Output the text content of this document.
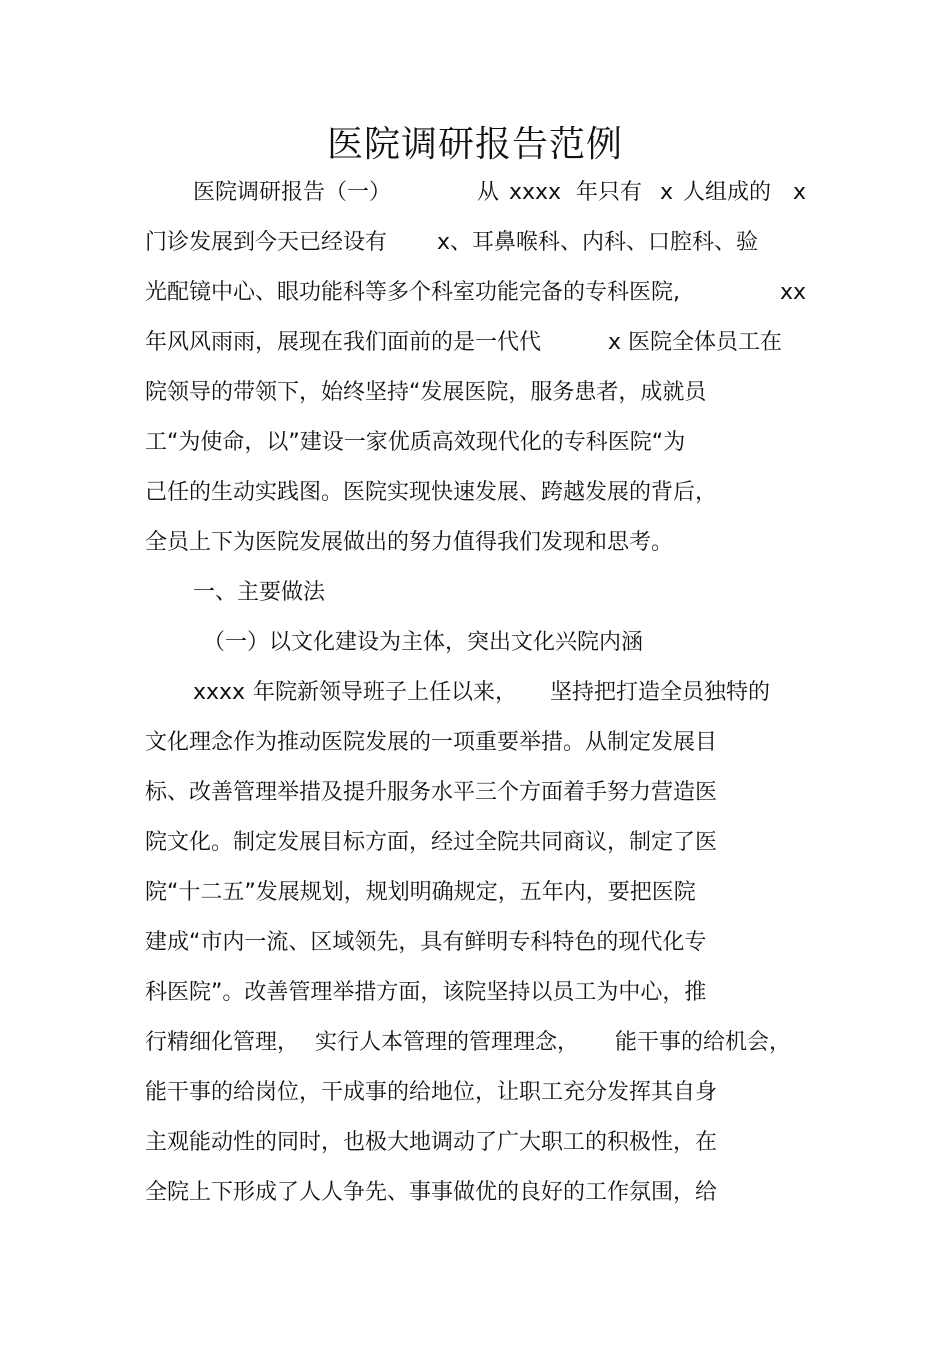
医院调研报告范例
医院调研报告（一）	从 xxxx 年只有 x 人组成的 x
门诊发展到今天已经设有 x、耳鼻喉科、内科、口腔科、验
光配镜中心、眼功能科等多个科室功能完备的专科医院,	xx
年风风雨雨，展现在我们面前的是一代代	x 医院全体员工在
院领导的带领下，始终坚持“发展医院，服务患者，成就员
工“为使命，以”建设一家优质高效现代化的专科医院“为
己任的生动实践图。医院实现快速发展、跨越发展的背后，
全员上下为医院发展做出的努力值得我们发现和思考。
一、主要做法
（一）以文化建设为主体，突出文化兴院内涵
xxxx 年院新领导班子上任以来， 坚持把打造全员独特的
文化理念作为推动医院发展的一项重要举措。从制定发展目
标、改善管理举措及提升服务水平三个方面着手努力营造医
院文化。制定发展目标方面，经过全院共同商议，制定了医
院“十二五”发展规划，规划明确规定，五年内，要把医院
建成“市内一流、区域领先，具有鲜明专科特色的现代化专
科医院”。改善管理举措方面，该院坚持以员工为中心，推
行精细化管理， 实行人本管理的管理理念， 能干事的给机会，
能干事的给岗位，干成事的给地位，让职工充分发挥其自身
主观能动性的同时，也极大地调动了广大职工的积极性，在
全院上下形成了人人争先、事事做优的良好的工作氛围，给
